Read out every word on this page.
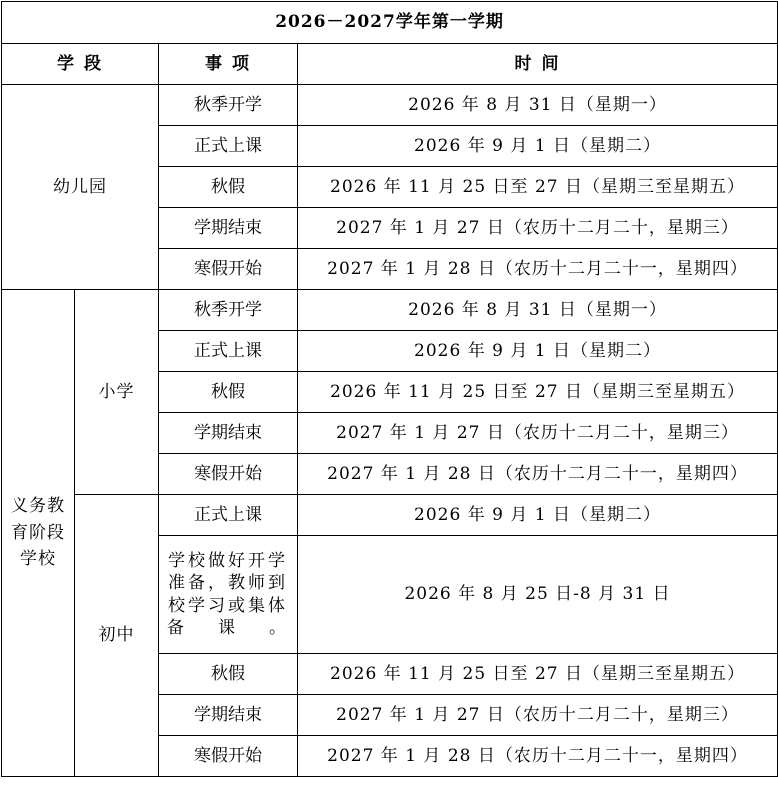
2026－2027学年第一学期			
学 段		事 项	时 间
幼儿园		秋季开学	2026 年 8 月 31 日（星期一）
		正式上课	2026 年 9 月 1 日（星期二）
		秋假	2026 年 11 月 25 日至 27 日（星期三至星期五）
		学期结束	2027 年 1 月 27 日（农历十二月二十，星期三）
		寒假开始	2027 年 1 月 28 日（农历十二月二十一，星期四）
义务教育阶段学校	小学	秋季开学	2026 年 8 月 31 日（星期一）
		正式上课	2026 年 9 月 1 日（星期二）
		秋假	2026 年 11 月 25 日至 27 日（星期三至星期五）
		学期结束	2027 年 1 月 27 日（农历十二月二十，星期三）
		寒假开始	2027 年 1 月 28 日（农历十二月二十一，星期四）
	初中	正式上课	2026 年 9 月 1 日（星期二）
		学校做好开学准备，教师到校学习或集体备课。	2026 年 8 月 25 日-8 月 31 日
		秋假	2026 年 11 月 25 日至 27 日（星期三至星期五）
		学期结束	2027 年 1 月 27 日（农历十二月二十，星期三）
		寒假开始	2027 年 1 月 28 日（农历十二月二十一，星期四）
